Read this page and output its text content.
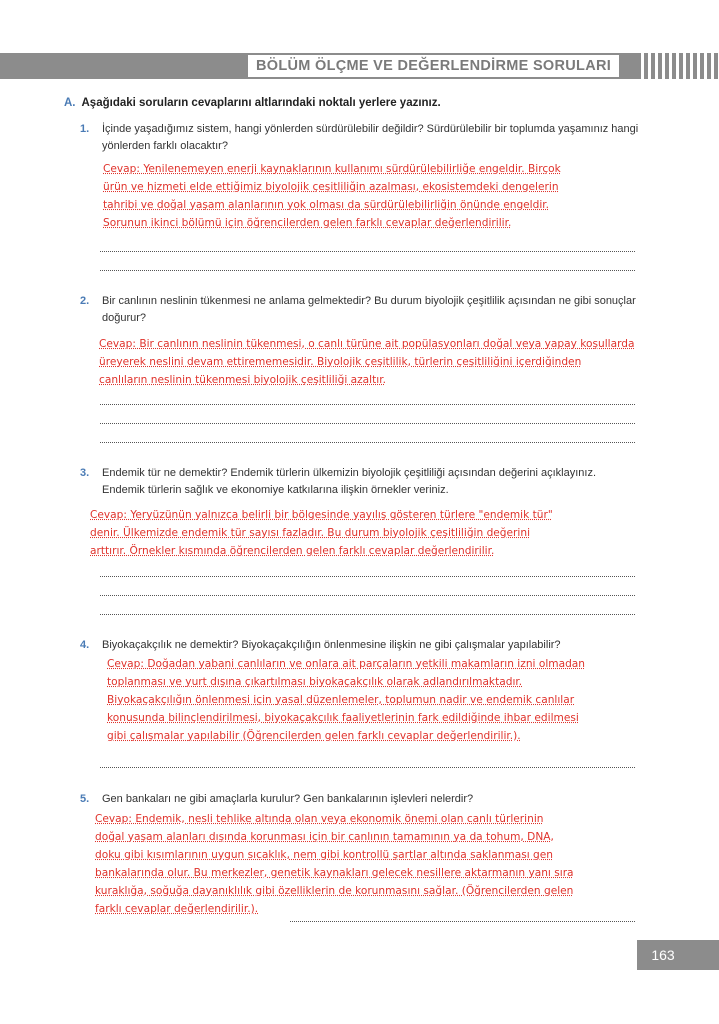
BÖLÜM ÖLÇME VE DEĞERLENDİRME SORULARI
A. Aşağıdaki soruların cevaplarını altlarındaki noktalı yerlere yazınız.
1.	İçinde yaşadığımız sistem, hangi yönlerden sürdürülebilir değildir? Sürdürülebilir bir toplumda yaşamınız hangi yönlerden farklı olacaktır?
Cevap: Yenilenemeyen enerji kaynaklarının kullanımı sürdürülebilirliğe engeldir. Birçok
ürün ve hizmeti elde ettiğimiz biyolojik çeşitliliğin azalması, ekosistemdeki dengelerin
tahribi ve doğal yaşam alanlarının yok olması da sürdürülebilirliğin önünde engeldir.
Sorunun ikinci bölümü için öğrencilerden gelen farklı cevaplar değerlendirilir.
2.	Bir canlının neslinin tükenmesi ne anlama gelmektedir? Bu durum biyolojik çeşitlilik açısından ne gibi sonuçlar doğurur?
Cevap: Bir canlının neslinin tükenmesi, o canlı türüne ait popülasyonları doğal veya yapay koşullarda
üreyerek neslini devam ettirememesidir. Biyolojik çeşitlilik, türlerin çeşitliliğini içerdiğinden
canlıların neslinin tükenmesi biyolojik çeşitliliği azaltır.
3.	Endemik tür ne demektir? Endemik türlerin ülkemizin biyolojik çeşitliliği açısından değerini açıklayınız. Endemik türlerin sağlık ve ekonomiye katkılarına ilişkin örnekler veriniz.
Cevap: Yeryüzünün yalnızca belirli bir bölgesinde yayılış gösteren türlere "endemik tür"
denir. Ülkemizde endemik tür sayısı fazladır. Bu durum biyolojik çeşitliliğin değerini
arttırır. Örnekler kısmında öğrencilerden gelen farklı cevaplar değerlendirilir.
4.	Biyokaçakçılık ne demektir? Biyokaçakçılığın önlenmesine ilişkin ne gibi çalışmalar yapılabilir?
Cevap: Doğadan yabani canlıların ve onlara ait parçaların yetkili makamların izni olmadan
toplanması ve yurt dışına çıkartılması biyokaçakçılık olarak adlandırılmaktadır.
Biyokaçakçılığın önlenmesi için yasal düzenlemeler, toplumun nadir ve endemik canlılar
konusunda bilinçlendirilmesi, biyokaçakçılık faaliyetlerinin fark edildiğinde ihbar edilmesi
gibi çalışmalar yapılabilir (Öğrencilerden gelen farklı cevaplar değerlendirilir.).
5.	Gen bankaları ne gibi amaçlarla kurulur? Gen bankalarının işlevleri nelerdir?
Cevap: Endemik, nesli tehlike altında olan veya ekonomik önemi olan canlı türlerinin
doğal yaşam alanları dışında korunması için bir canlının tamamının ya da tohum, DNA,
doku gibi kısımlarının uygun sıcaklık, nem gibi kontrollü şartlar altında saklanması gen
bankalarında olur. Bu merkezler, genetik kaynakları gelecek nesillere aktarmanın yanı sıra
kuraklığa, soğuğa dayanıklılık gibi özelliklerin de korunmasını sağlar. (Öğrencilerden gelen
farklı cevaplar değerlendirilir.).
163
